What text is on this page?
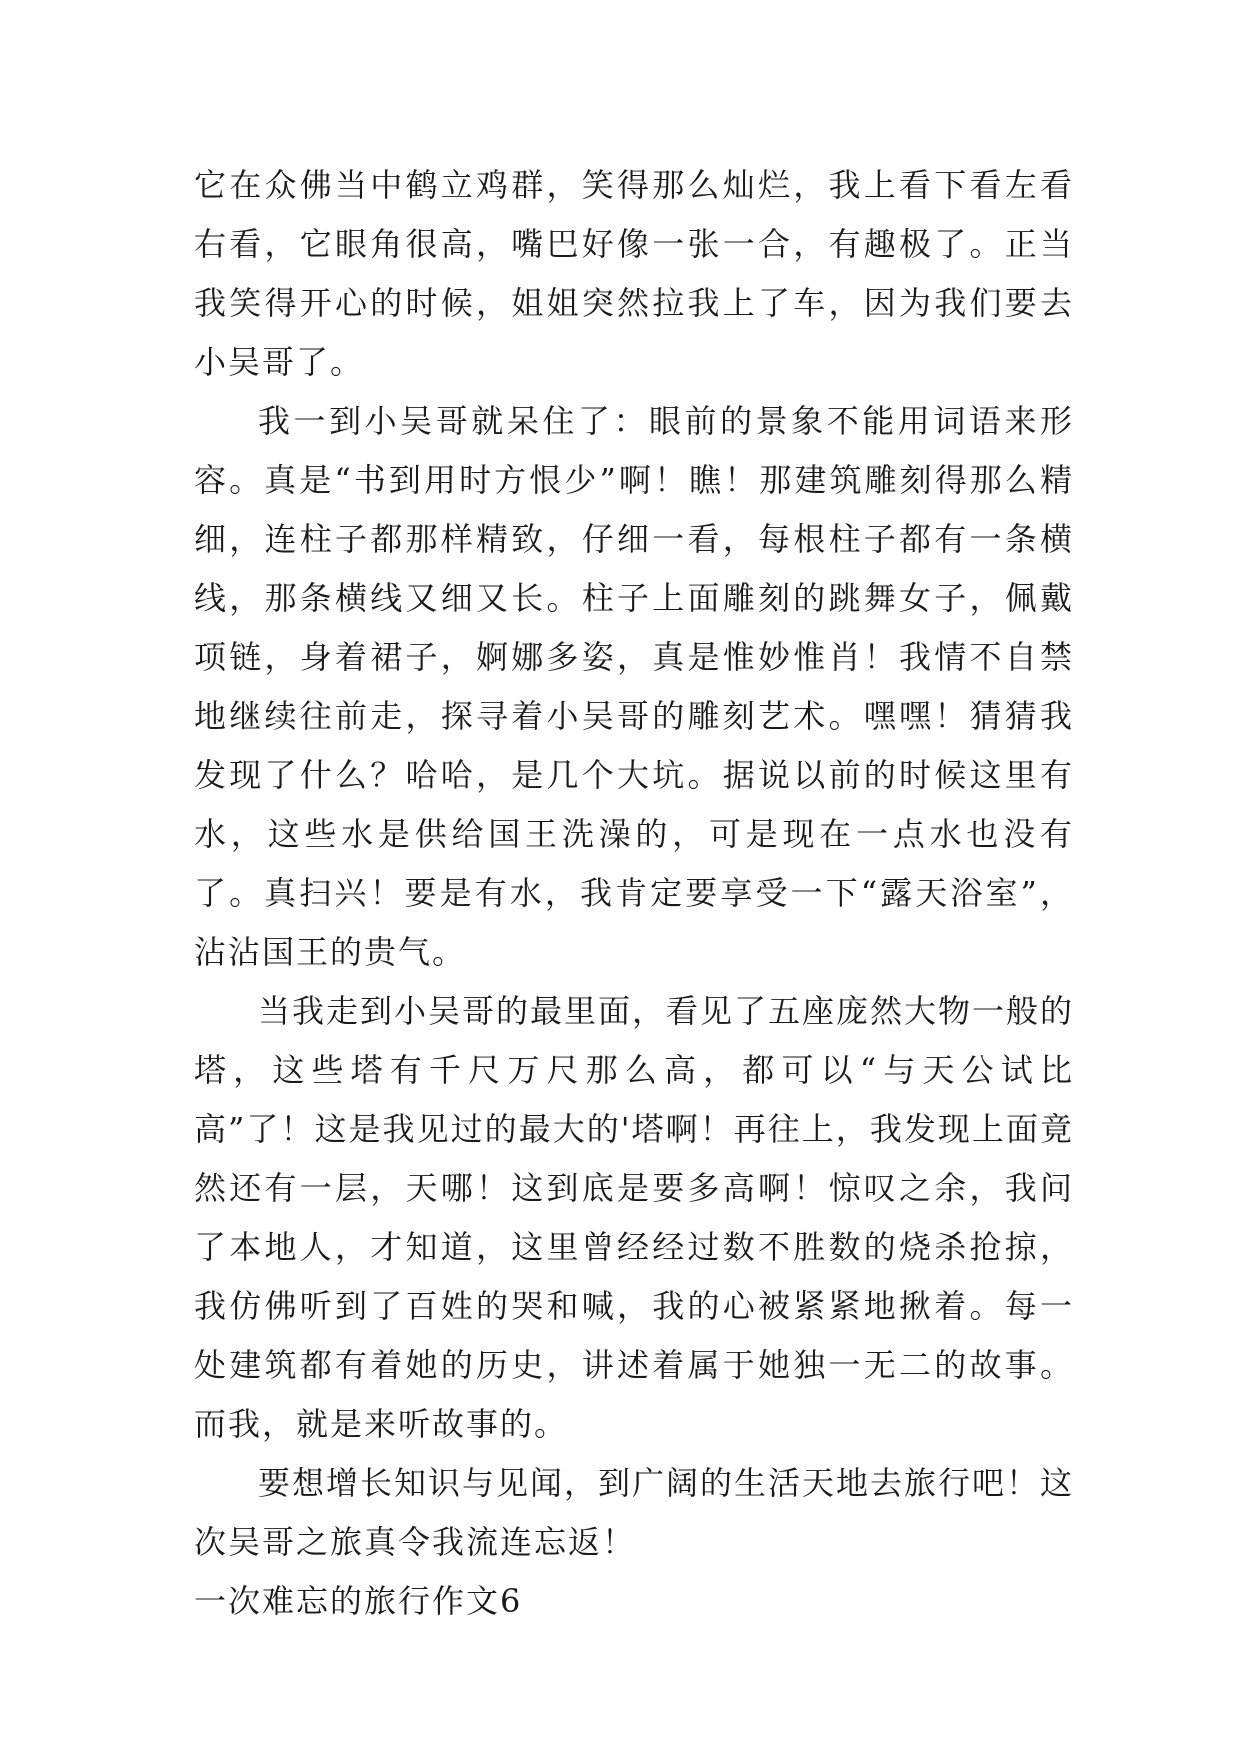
它在众佛当中鹤立鸡群，笑得那么灿烂，我上看下看左看右看，它眼角很高，嘴巴好像一张一合，有趣极了。正当我笑得开心的时候，姐姐突然拉我上了车，因为我们要去小吴哥了。

我一到小吴哥就呆住了：眼前的景象不能用词语来形容。真是“书到用时方恨少”啊！瞧！那建筑雕刻得那么精细，连柱子都那样精致，仔细一看，每根柱子都有一条横线，那条横线又细又长。柱子上面雕刻的跳舞女子，佩戴项链，身着裙子，婀娜多姿，真是惟妙惟肖！我情不自禁地继续往前走，探寻着小吴哥的雕刻艺术。嘿嘿！猜猜我发现了什么？哈哈，是几个大坑。据说以前的时候这里有水，这些水是供给国王洗澡的，可是现在一点水也没有了。真扫兴！要是有水，我肯定要享受一下“露天浴室”，沾沾国王的贵气。

当我走到小吴哥的最里面，看见了五座庞然大物一般的塔，这些塔有千尺万尺那么高，都可以“与天公试比高”了！这是我见过的最大的'塔啊！再往上，我发现上面竟然还有一层，天哪！这到底是要多高啊！惊叹之余，我问了本地人，才知道，这里曾经经过数不胜数的烧杀抢掠，我仿佛听到了百姓的哭和喊，我的心被紧紧地揪着。每一处建筑都有着她的历史，讲述着属于她独一无二的故事。而我，就是来听故事的。

要想增长知识与见闻，到广阔的生活天地去旅行吧！这次吴哥之旅真令我流连忘返！

一次难忘的旅行作文6
